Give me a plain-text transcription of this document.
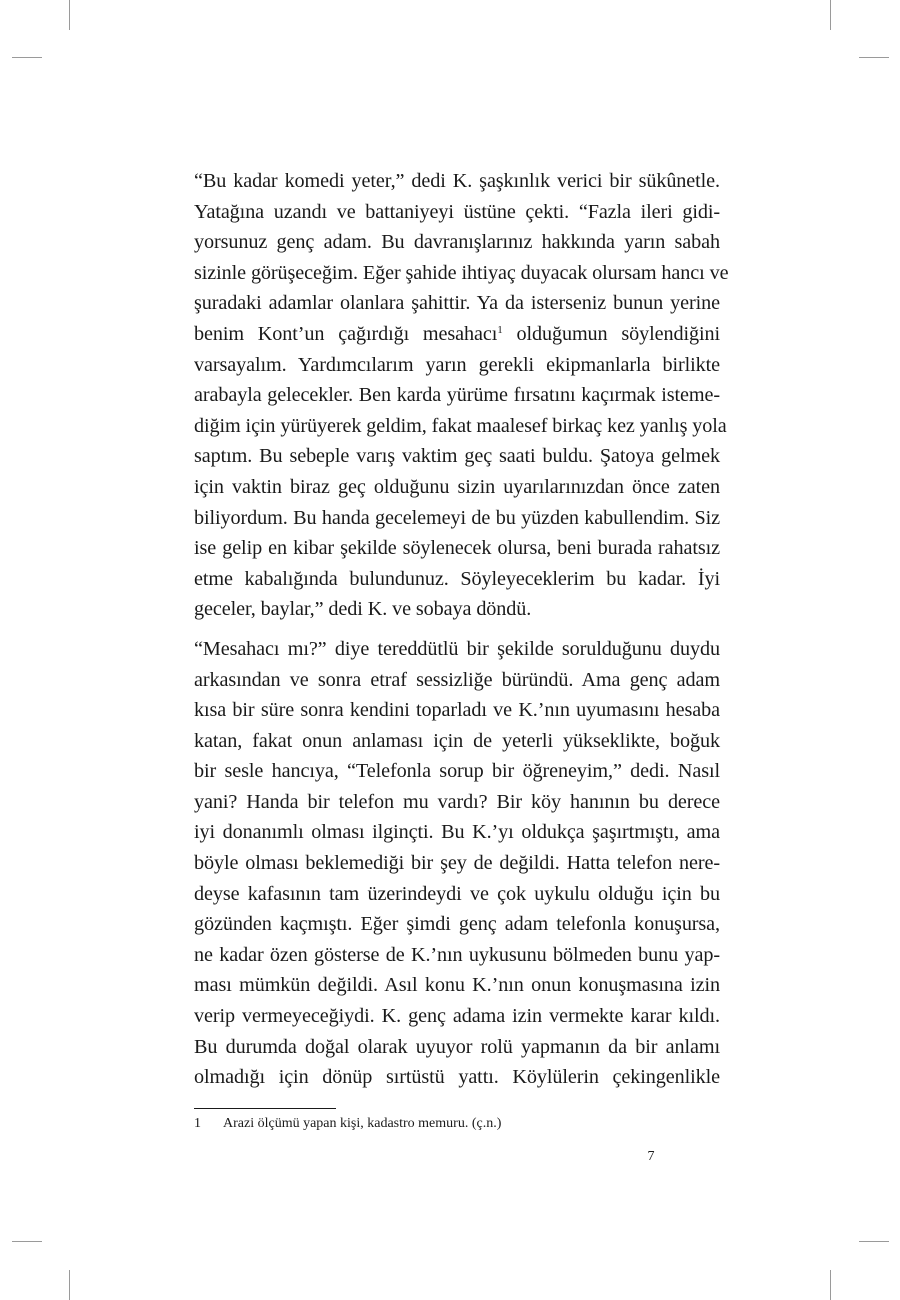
“Bu kadar komedi yeter,” dedi K. şaşkınlık verici bir sükûnetle.
Yatağına uzandı ve battaniyeyi üstüne çekti. “Fazla ileri gidi-
yorsunuz genç adam. Bu davranışlarınız hakkında yarın sabah
sizinle görüşeceğim. Eğer şahide ihtiyaç duyacak olursam hancı ve
şuradaki adamlar olanlara şahittir. Ya da isterseniz bunun yerine
benim Kont’un çağırdığı mesahacı$^1$ olduğumun söylendiğini
varsayalım. Yardımcılarım yarın gerekli ekipmanlarla birlikte
arabayla gelecekler. Ben karda yürüme fırsatını kaçırmak isteme-
diğim için yürüyerek geldim, fakat maalesef birkaç kez yanlış yola
saptım. Bu sebeple varış vaktim geç saati buldu. Şatoya gelmek
için vaktin biraz geç olduğunu sizin uyarılarınızdan önce zaten
biliyordum. Bu handa gecelemeyi de bu yüzden kabullendim. Siz
ise gelip en kibar şekilde söylenecek olursa, beni burada rahatsız
etme kabalığında bulundunuz. Söyleyeceklerim bu kadar. İyi
geceler, baylar,” dedi K. ve sobaya döndü.
“Mesahacı mı?” diye tereddütlü bir şekilde sorulduğunu duydu
arkasından ve sonra etraf sessizliğe büründü. Ama genç adam
kısa bir süre sonra kendini toparladı ve K.’nın uyumasını hesaba
katan, fakat onun anlaması için de yeterli yükseklikte, boğuk
bir sesle hancıya, “Telefonla sorup bir öğreneyim,” dedi. Nasıl
yani? Handa bir telefon mu vardı? Bir köy hanının bu derece
iyi donanımlı olması ilginçti. Bu K.’yı oldukça şaşırtmıştı, ama
böyle olması beklemediği bir şey de değildi. Hatta telefon nere-
deyse kafasının tam üzerindeydi ve çok uykulu olduğu için bu
gözünden kaçmıştı. Eğer şimdi genç adam telefonla konuşursa,
ne kadar özen gösterse de K.’nın uykusunu bölmeden bunu yap-
ması mümkün değildi. Asıl konu K.’nın onun konuşmasına izin
verip vermeyeceğiydi. K. genç adama izin vermekte karar kıldı.
Bu durumda doğal olarak uyuyor rolü yapmanın da bir anlamı
olmadığı için dönüp sırtüstü yattı. Köylülerin çekingenlikle
1 Arazi ölçümü yapan kişi, kadastro memuru. (ç.n.)
7
